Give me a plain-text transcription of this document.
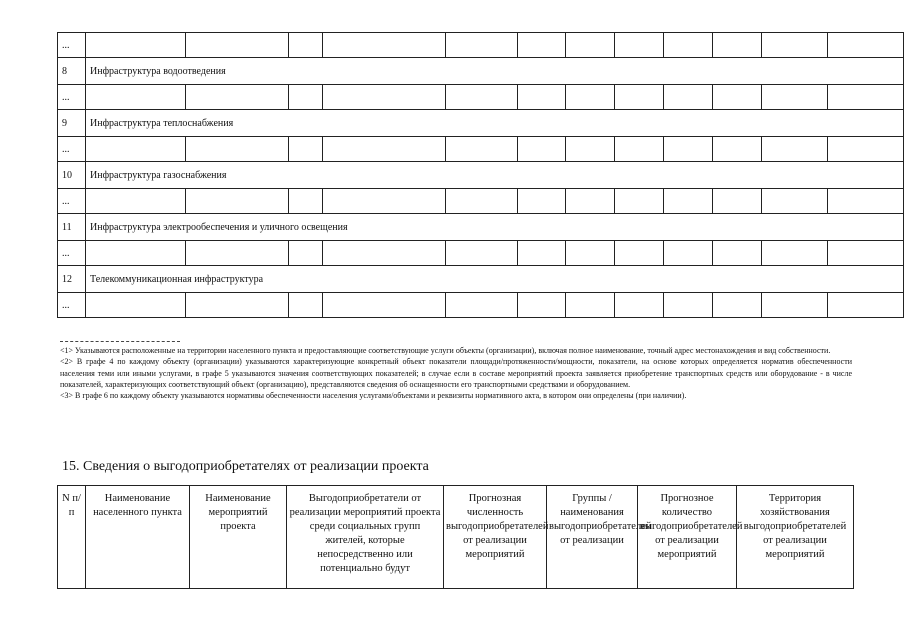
...												
8	Инфраструктура водоотведения											
...												
9	Инфраструктура теплоснабжения											
...												
10	Инфраструктура газоснабжения											
...												
11	Инфраструктура электрообеспечения и уличного освещения											
...												
12	Телекоммуникационная инфраструктура											
...												

<1> Указываются расположенные на территории населенного пункта и предоставляющие соответствующие услуги объекты (организации), включая полное наименование, точный адрес местонахождения и вид собственности.

<2> В графе 4 по каждому объекту (организации) указываются характеризующие конкретный объект показатели площади/протяженности/мощности, показатели, на основе которых определяется норматив обеспеченности населения теми или иными услугами, в графе 5 указываются значения соответствующих показателей; в случае если в составе мероприятий проекта заявляется приобретение транспортных средств или оборудование - в числе показателей, характеризующих соответствующий объект (организацию), представляются сведения об оснащенности его транспортными средствами и оборудованием.

<3> В графе 6 по каждому объекту указываются нормативы обеспеченности населения услугами/объектами и реквизиты нормативного акта, в котором они определены (при наличии).

15. Сведения о выгодоприобретателях от реализации проекта
N п/п	Наименование населенного пункта	Наименование мероприятий проекта	Выгодоприобретатели от реализации мероприятий проекта среди социальных групп жителей, которые непосредственно или потенциально будут	Прогнозная численность выгодоприобретателей от реализации мероприятий	Группы / наименования выгодоприобретателей от реализации	Прогнозное количество выгодоприобретателей от реализации мероприятий	Территория хозяйствования выгодоприобретателей от реализации мероприятий
